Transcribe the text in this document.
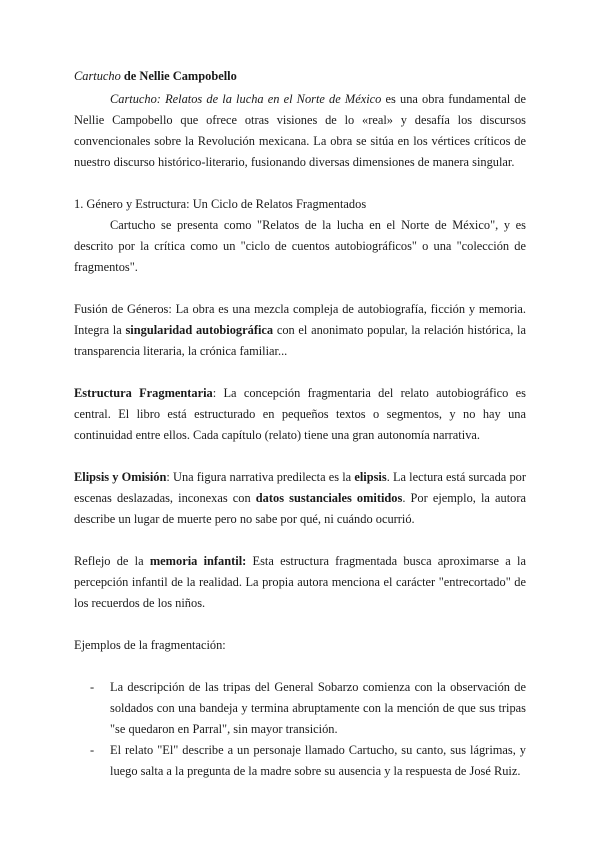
Cartucho de Nellie Campobello

Cartucho: Relatos de la lucha en el Norte de México es una obra fundamental de Nellie Campobello que ofrece otras visiones de lo «real» y desafía los discursos convencionales sobre la Revolución mexicana. La obra se sitúa en los vértices críticos de nuestro discurso histórico-literario, fusionando diversas dimensiones de manera singular.

1. Género y Estructura: Un Ciclo de Relatos Fragmentados

Cartucho se presenta como "Relatos de la lucha en el Norte de México", y es descrito por la crítica como un "ciclo de cuentos autobiográficos" o una "colección de fragmentos".

Fusión de Géneros: La obra es una mezcla compleja de autobiografía, ficción y memoria. Integra la singularidad autobiográfica con el anonimato popular, la relación histórica, la transparencia literaria, la crónica familiar...

Estructura Fragmentaria: La concepción fragmentaria del relato autobiográfico es central. El libro está estructurado en pequeños textos o segmentos, y no hay una continuidad entre ellos. Cada capítulo (relato) tiene una gran autonomía narrativa.

Elipsis y Omisión: Una figura narrativa predilecta es la elipsis. La lectura está surcada por escenas deslazadas, inconexas con datos sustanciales omitidos. Por ejemplo, la autora describe un lugar de muerte pero no sabe por qué, ni cuándo ocurrió.

Reflejo de la memoria infantil: Esta estructura fragmentada busca aproximarse a la percepción infantil de la realidad. La propia autora menciona el carácter "entrecortado" de los recuerdos de los niños.

Ejemplos de la fragmentación:

- La descripción de las tripas del General Sobarzo comienza con la observación de soldados con una bandeja y termina abruptamente con la mención de que sus tripas "se quedaron en Parral", sin mayor transición.
- El relato "El" describe a un personaje llamado Cartucho, su canto, sus lágrimas, y luego salta a la pregunta de la madre sobre su ausencia y la respuesta de José Ruiz.
